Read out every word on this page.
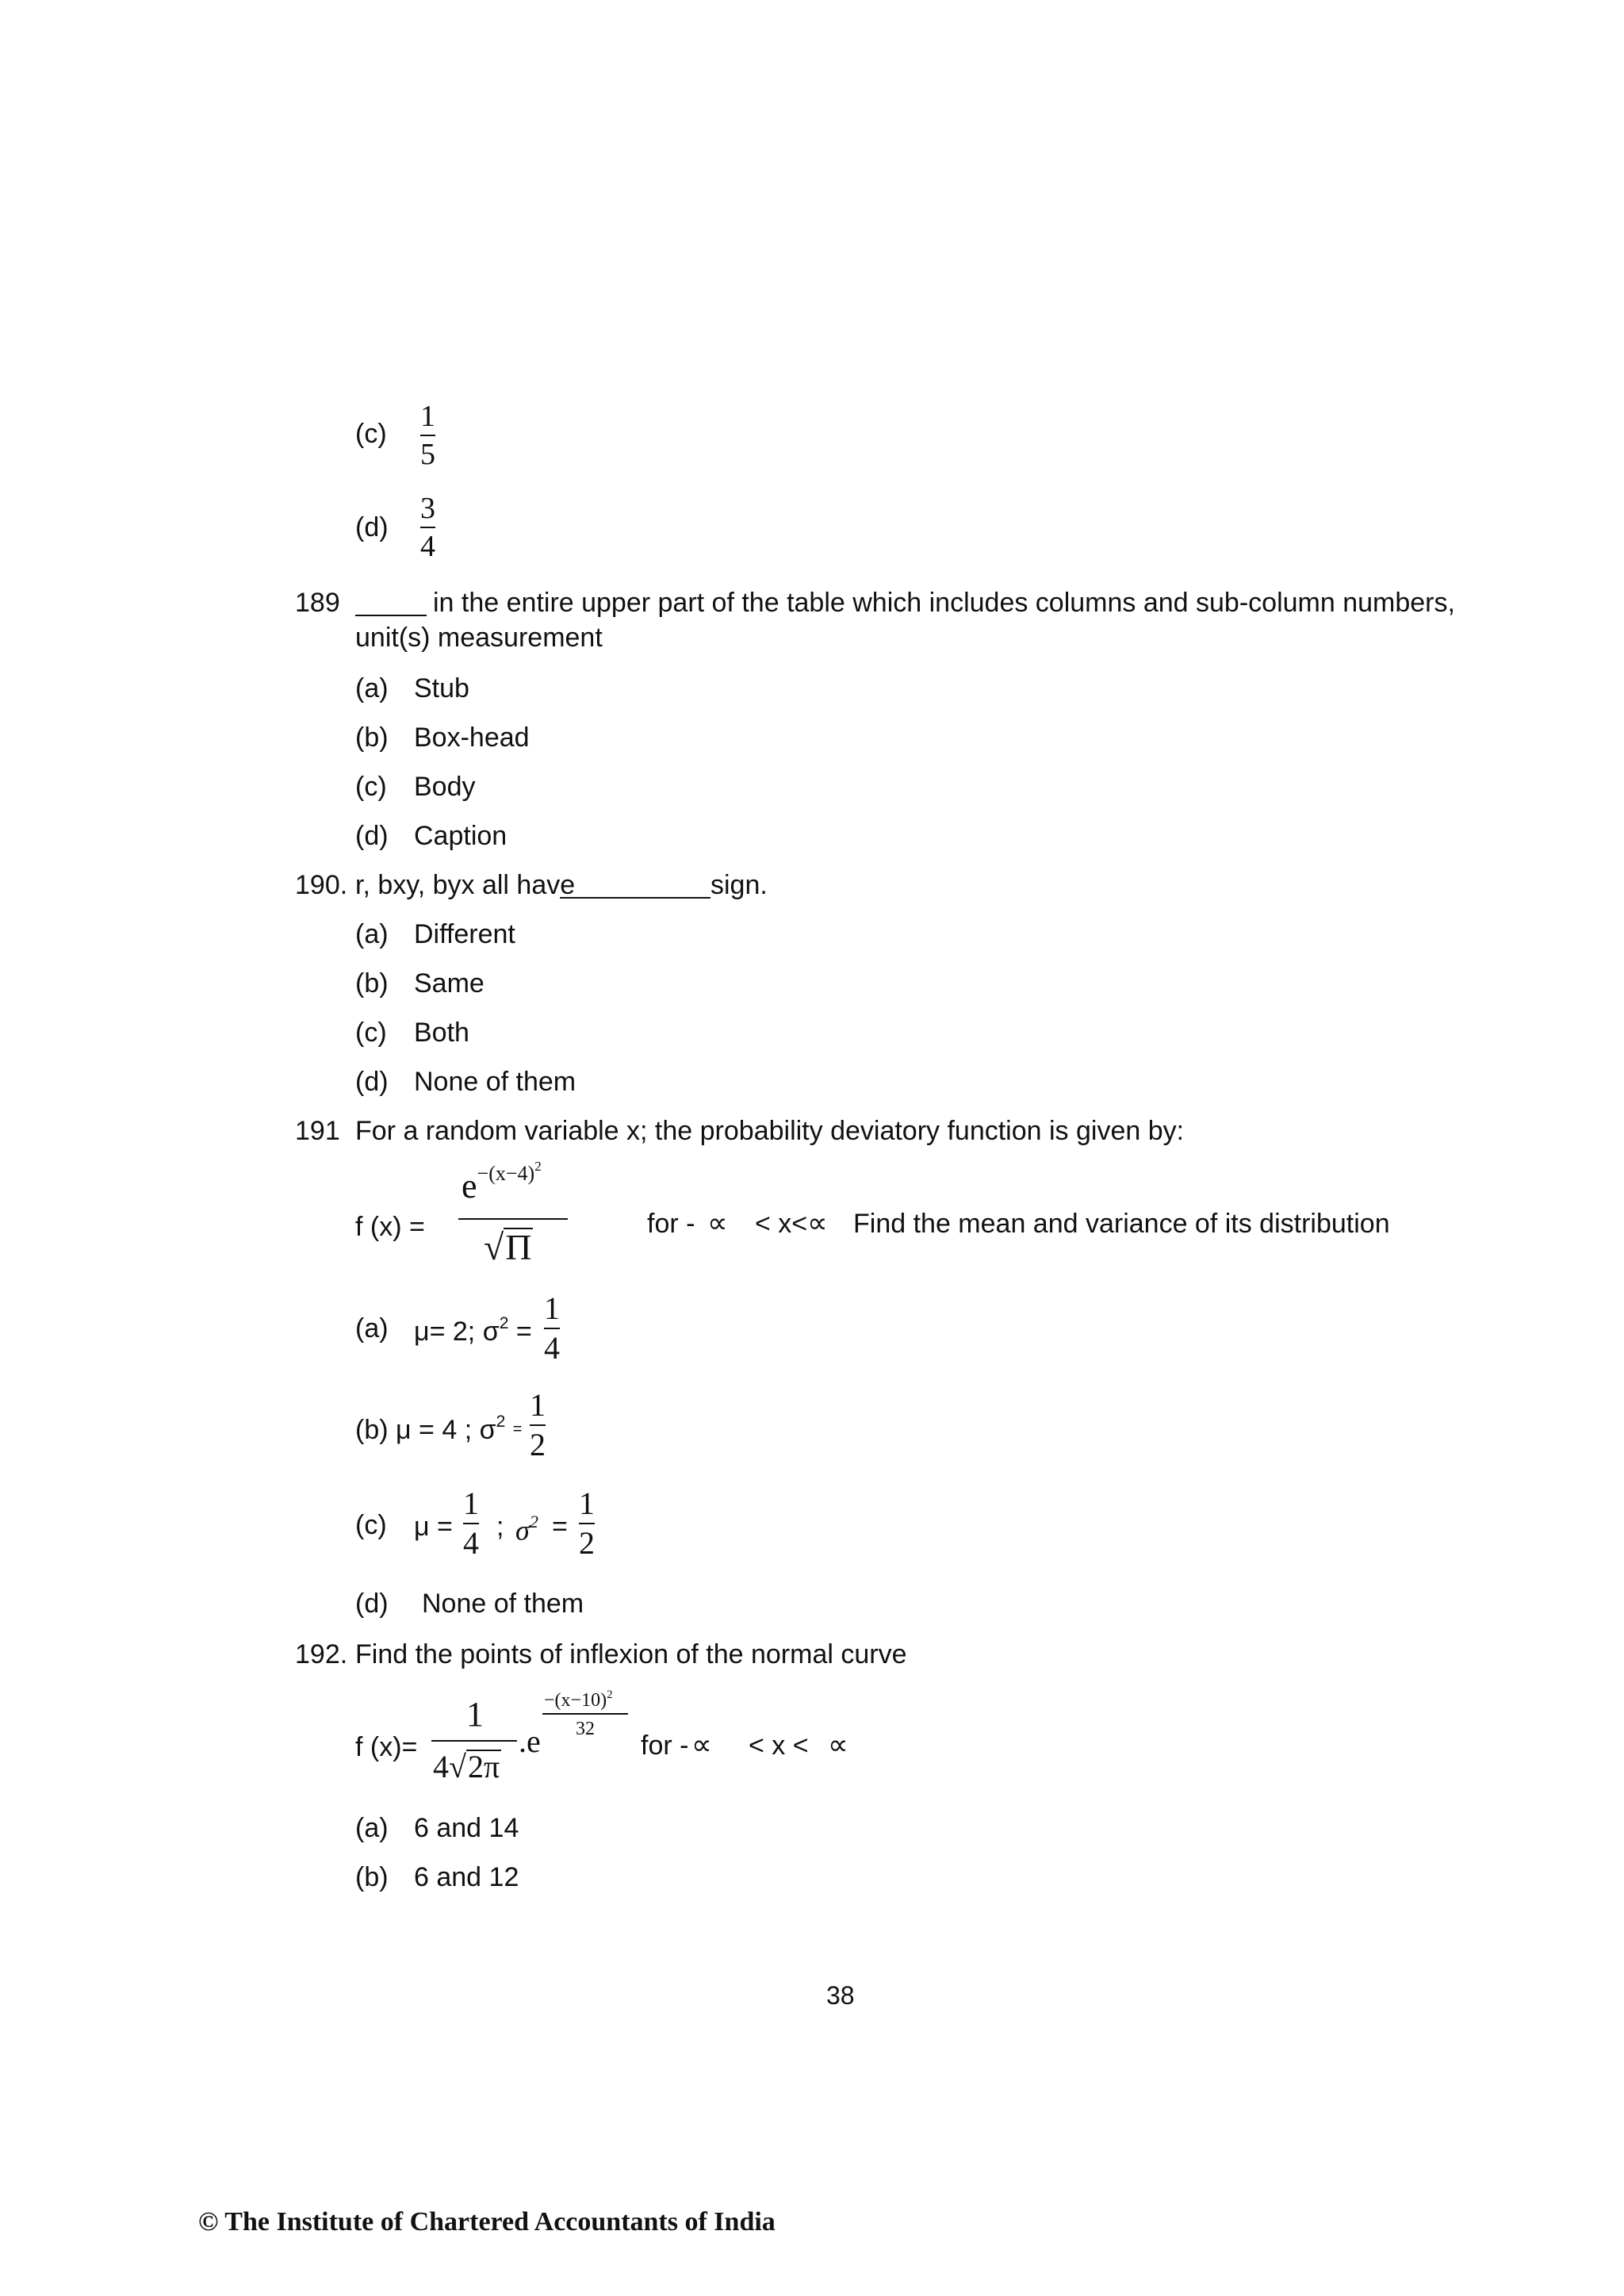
(c)
1
5
(d)
3
4
189	in the entire upper part of the table which includes columns and sub-column numbers,
unit(s) measurement
(a) Stub
(b) Box-head
(c) Body
(d) Caption
190. r, bxy, byx all have	sign.
(a) Different
(b) Same
(c) Both
(d) None of them
191 For a random variable x; the probability deviatory function is given by:
f (x) =
$e^{-(x-4)^2}$
√Π
for - ∝ < x< ∝ Find the mean and variance of its distribution
(a) μ= 2; $\sigma^2$ =
1
4
(b) μ = 4 ; $\sigma^2$ =
1
2
(c) μ =
1
4 ; $\sigma^2$ =
1
2
(d) None of them
192. Find the points of inflexion of the normal curve
f (x)=
1
4√2π
.e
$-(x-10)^2$
32
for - ∝ < x < ∝
(a) 6 and 14
(b) 6 and 12
38
© The Institute of Chartered Accountants of India
